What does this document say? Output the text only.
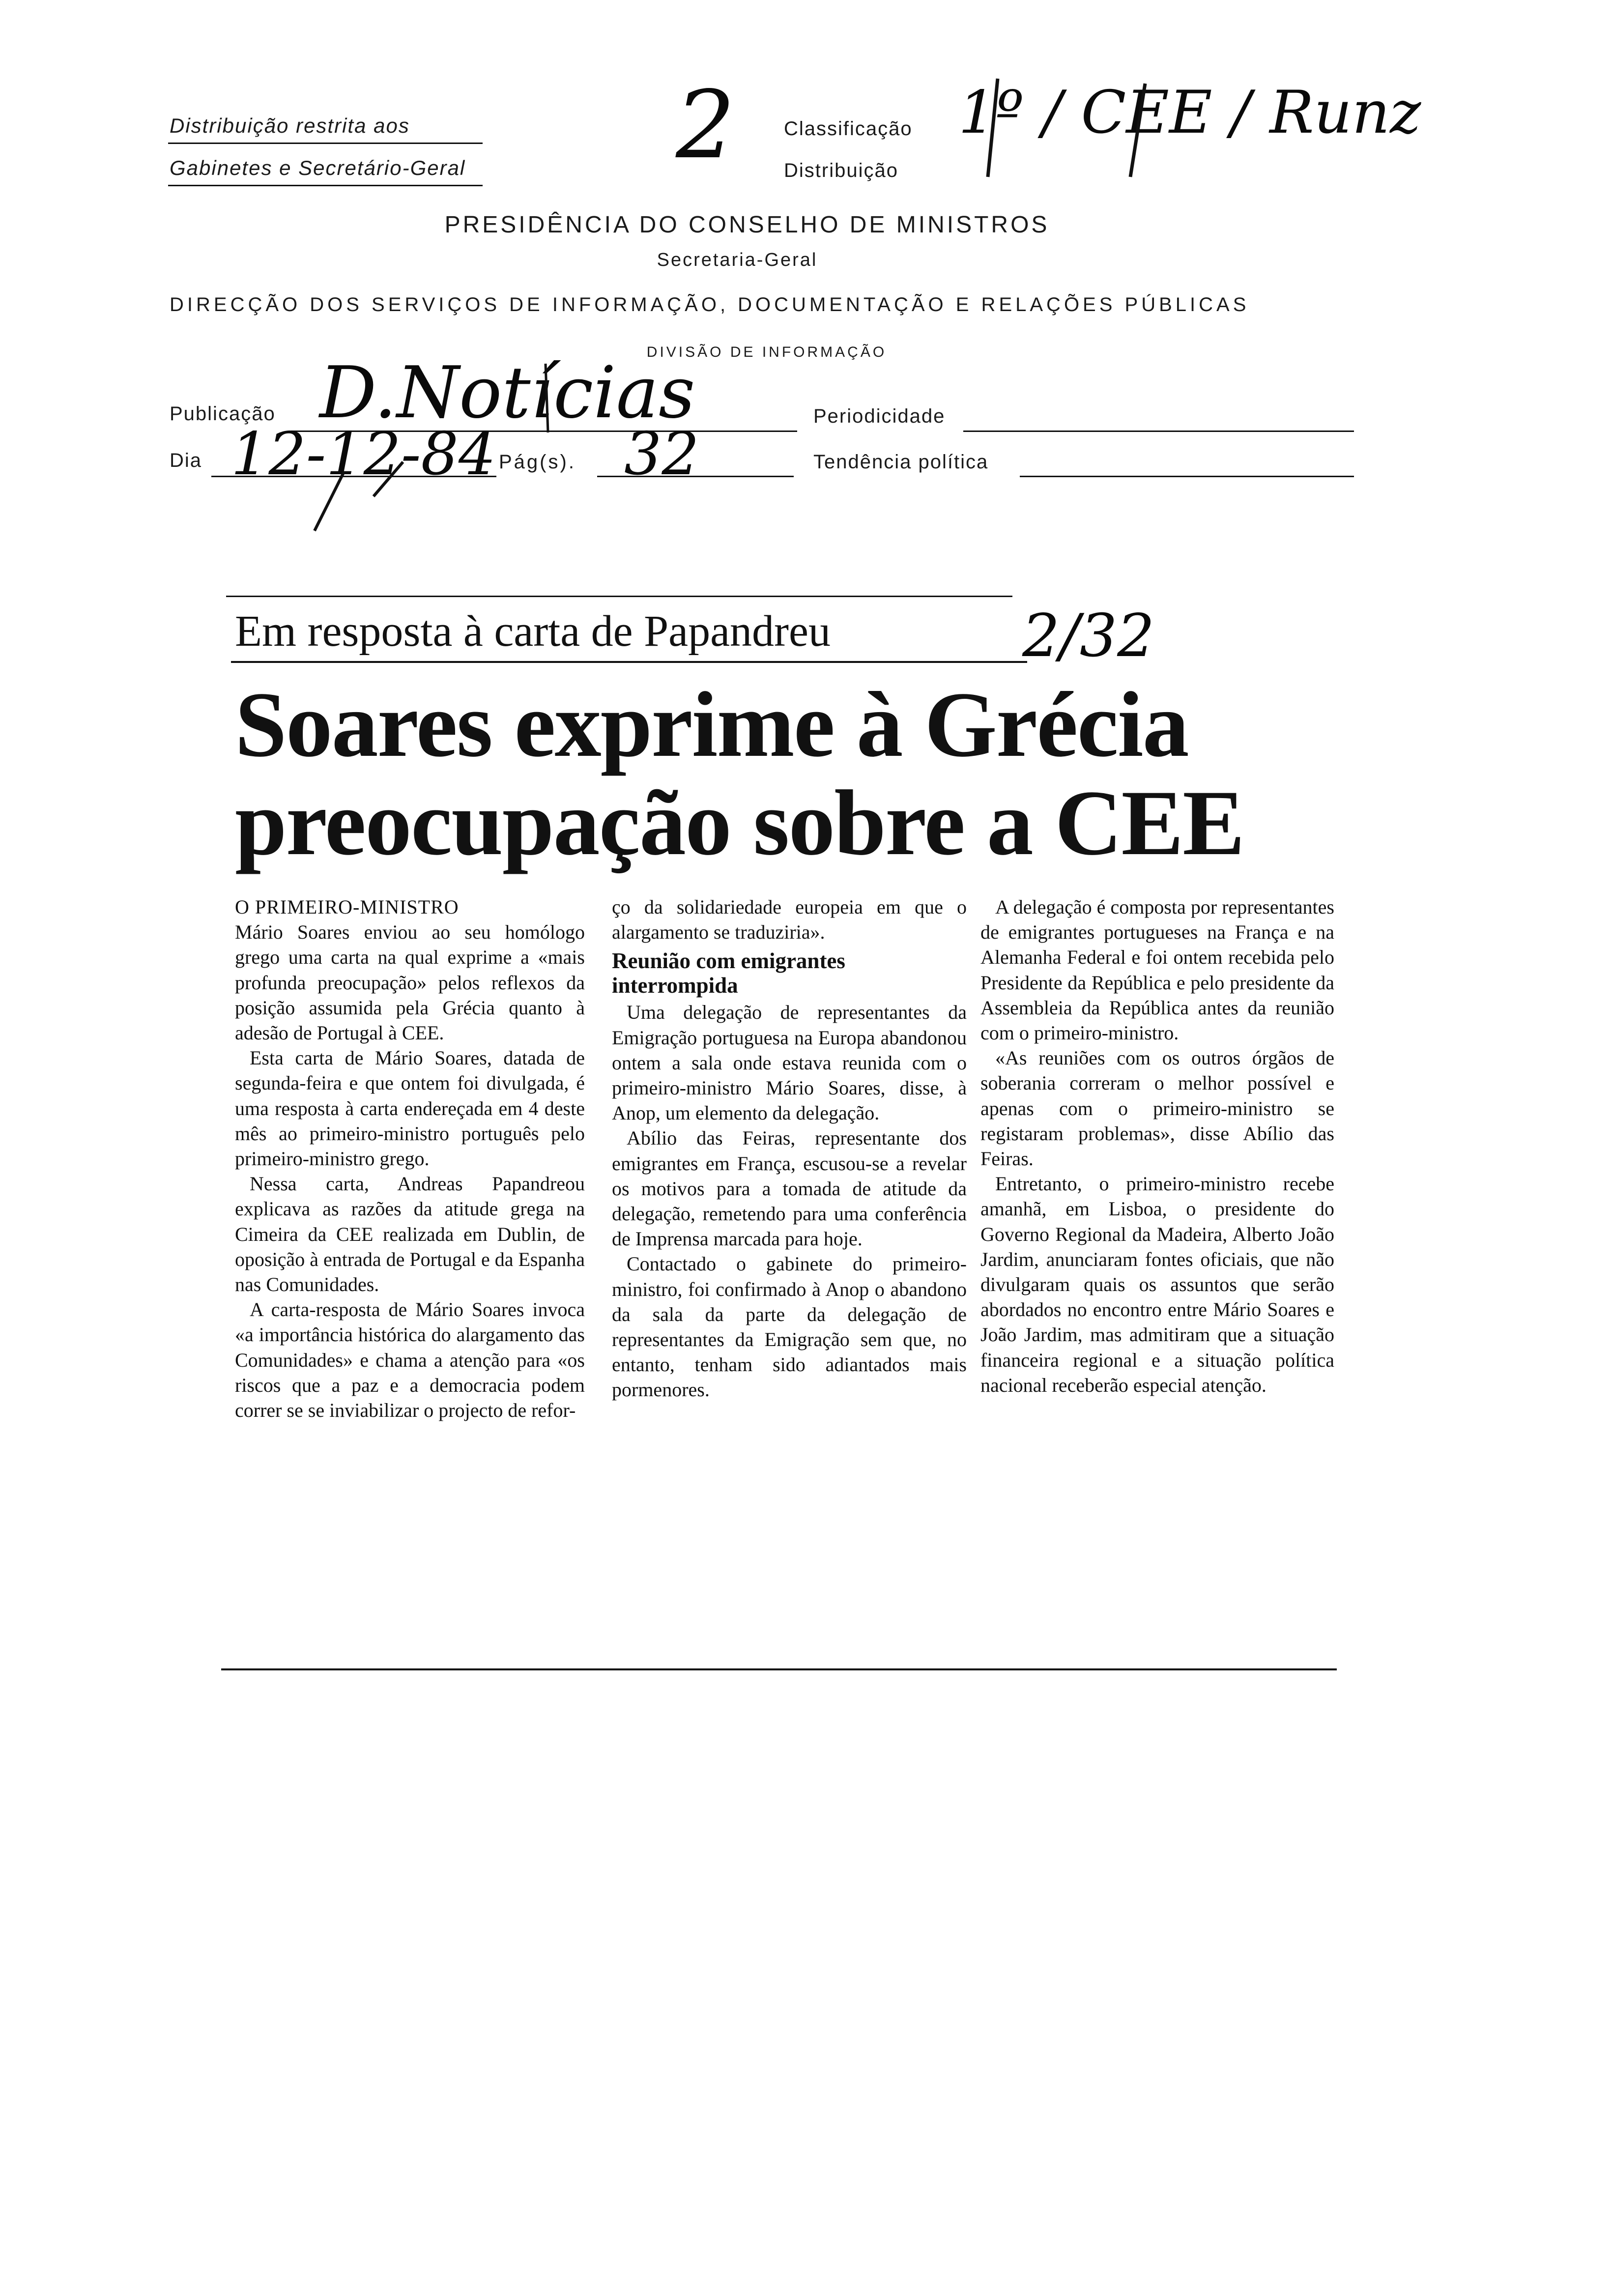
Distribuição restrita aos
Gabinetes e Secretário-Geral 2 Classificação
Distribuição
1º / CEE / Runz
PRESIDÊNCIA DO CONSELHO DE MINISTROS
Secretaria-Geral
DIRECÇÃO DOS SERVIÇOS DE INFORMAÇÃO, DOCUMENTAÇÃO E RELAÇÕES PÚBLICAS
DIVISÃO DE INFORMAÇÃO
Publicação D.Notícias	Periodicidade
Dia 12-12-84 Pág(s). 32	Tendência política
Em resposta à carta de Papandreu	2/32
Soares exprime à Grécia
preocupação sobre a CEE

O PRIMEIRO-MINISTRO

Mário Soares enviou ao seu homólogo grego uma carta na qual exprime a «mais profunda preocupação» pelos reflexos da posição assumida pela Grécia quanto à adesão de Portugal à CEE.

Esta carta de Mário Soares, datada de segunda-feira e que ontem foi divulgada, é uma resposta à carta endereçada em 4 deste mês ao primeiro-ministro português pelo primeiro-ministro grego.

Nessa carta, Andreas Papandreou explicava as razões da atitude grega na Cimeira da CEE realizada em Dublin, de oposição à entrada de Portugal e da Espanha nas Comunidades.

A carta-resposta de Mário Soares invoca «a importância histórica do alargamento das Comunidades» e chama a atenção para «os riscos que a paz e a democracia podem correr se se inviabilizar o projecto de refor-

ço da solidariedade europeia em que o alargamento se traduziria».

Reunião com emigrantes interrompida

Uma delegação de representantes da Emigração portuguesa na Europa abandonou ontem a sala onde estava reunida com o primeiro-ministro Mário Soares, disse, à Anop, um elemento da delegação.

Abílio das Feiras, representante dos emigrantes em França, escusou-se a revelar os motivos para a tomada de atitude da delegação, remetendo para uma conferência de Imprensa marcada para hoje.

Contactado o gabinete do primeiro-ministro, foi confirmado à Anop o abandono da sala da parte da delegação de representantes da Emigração sem que, no entanto, tenham sido adiantados mais pormenores.

A delegação é composta por representantes de emigrantes portugueses na França e na Alemanha Federal e foi ontem recebida pelo Presidente da República e pelo presidente da Assembleia da República antes da reunião com o primeiro-ministro.

«As reuniões com os outros órgãos de soberania correram o melhor possível e apenas com o primeiro-ministro se registaram problemas», disse Abílio das Feiras.

Entretanto, o primeiro-ministro recebe amanhã, em Lisboa, o presidente do Governo Regional da Madeira, Alberto João Jardim, anunciaram fontes oficiais, que não divulgaram quais os assuntos que serão abordados no encontro entre Mário Soares e João Jardim, mas admitiram que a situação financeira regional e a situação política nacional receberão especial atenção.
